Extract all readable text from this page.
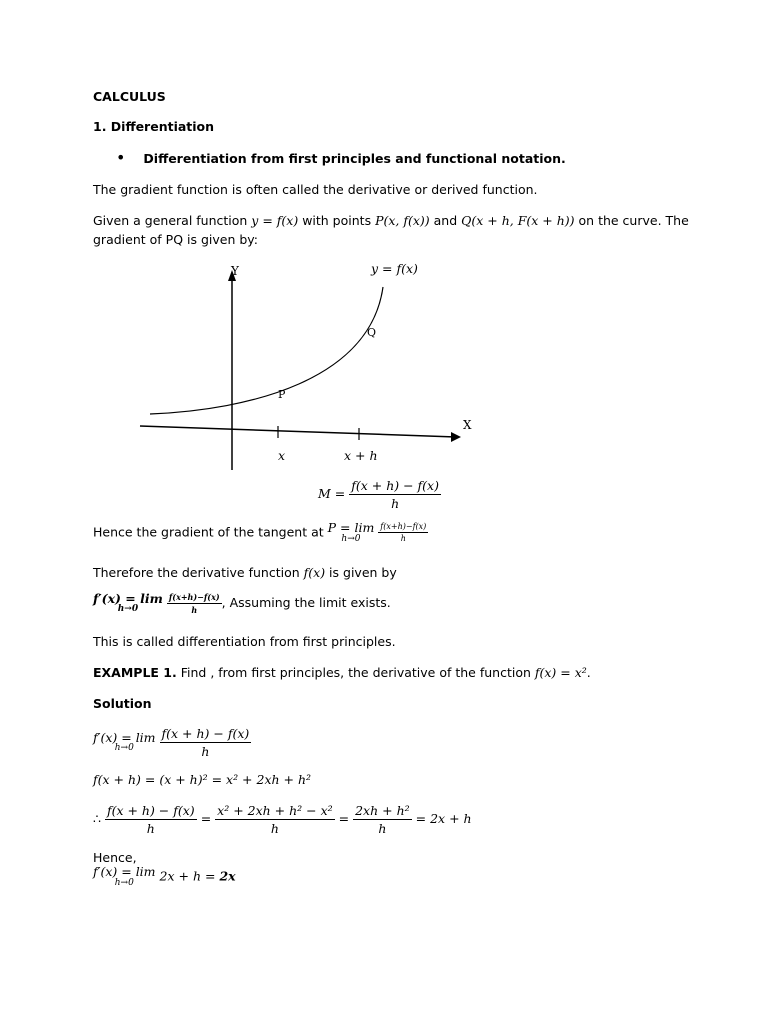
CALCULUS
1. Differentiation
• Differentiation from first principles and functional notation.
The gradient function is often called the derivative or derived function.
Given a general function y = f(x) with points P(x, f(x)) and Q(x + h, F(x + h)) on the curve. The
gradient of PQ is given by:
Y
X
y = f(x)
P
Q
x	x + h
$M = \frac{f(x + h) - f(x)}{h}$
Hence the gradient of the tangent at P = lim
h→0
$\frac{f(x+h)-f(x)}{h}$
Therefore the derivative function f(x) is given by
f′(x) = lim
h→0
	$\frac{f(x+h)-f(x)}{h}$ , Assuming the limit exists.
This is called differentiation from first principles.
EXAMPLE 1. Find , from first principles, the derivative of the function f(x) = x².
Solution
f′(x) = lim
h→0
$\frac{f(x + h) - f(x)}{h}$
f(x + h) = (x + h)² = x² + 2xh + h²
∴ $\frac{f(x + h) - f(x)}{h} = \frac{\text{x² + 2xh + h² − x²}}{h} = \frac{\text{2xh + h²}}{h} = 2x + h$
Hence,
f′(x) = lim
h→0 2x + h = 2x
